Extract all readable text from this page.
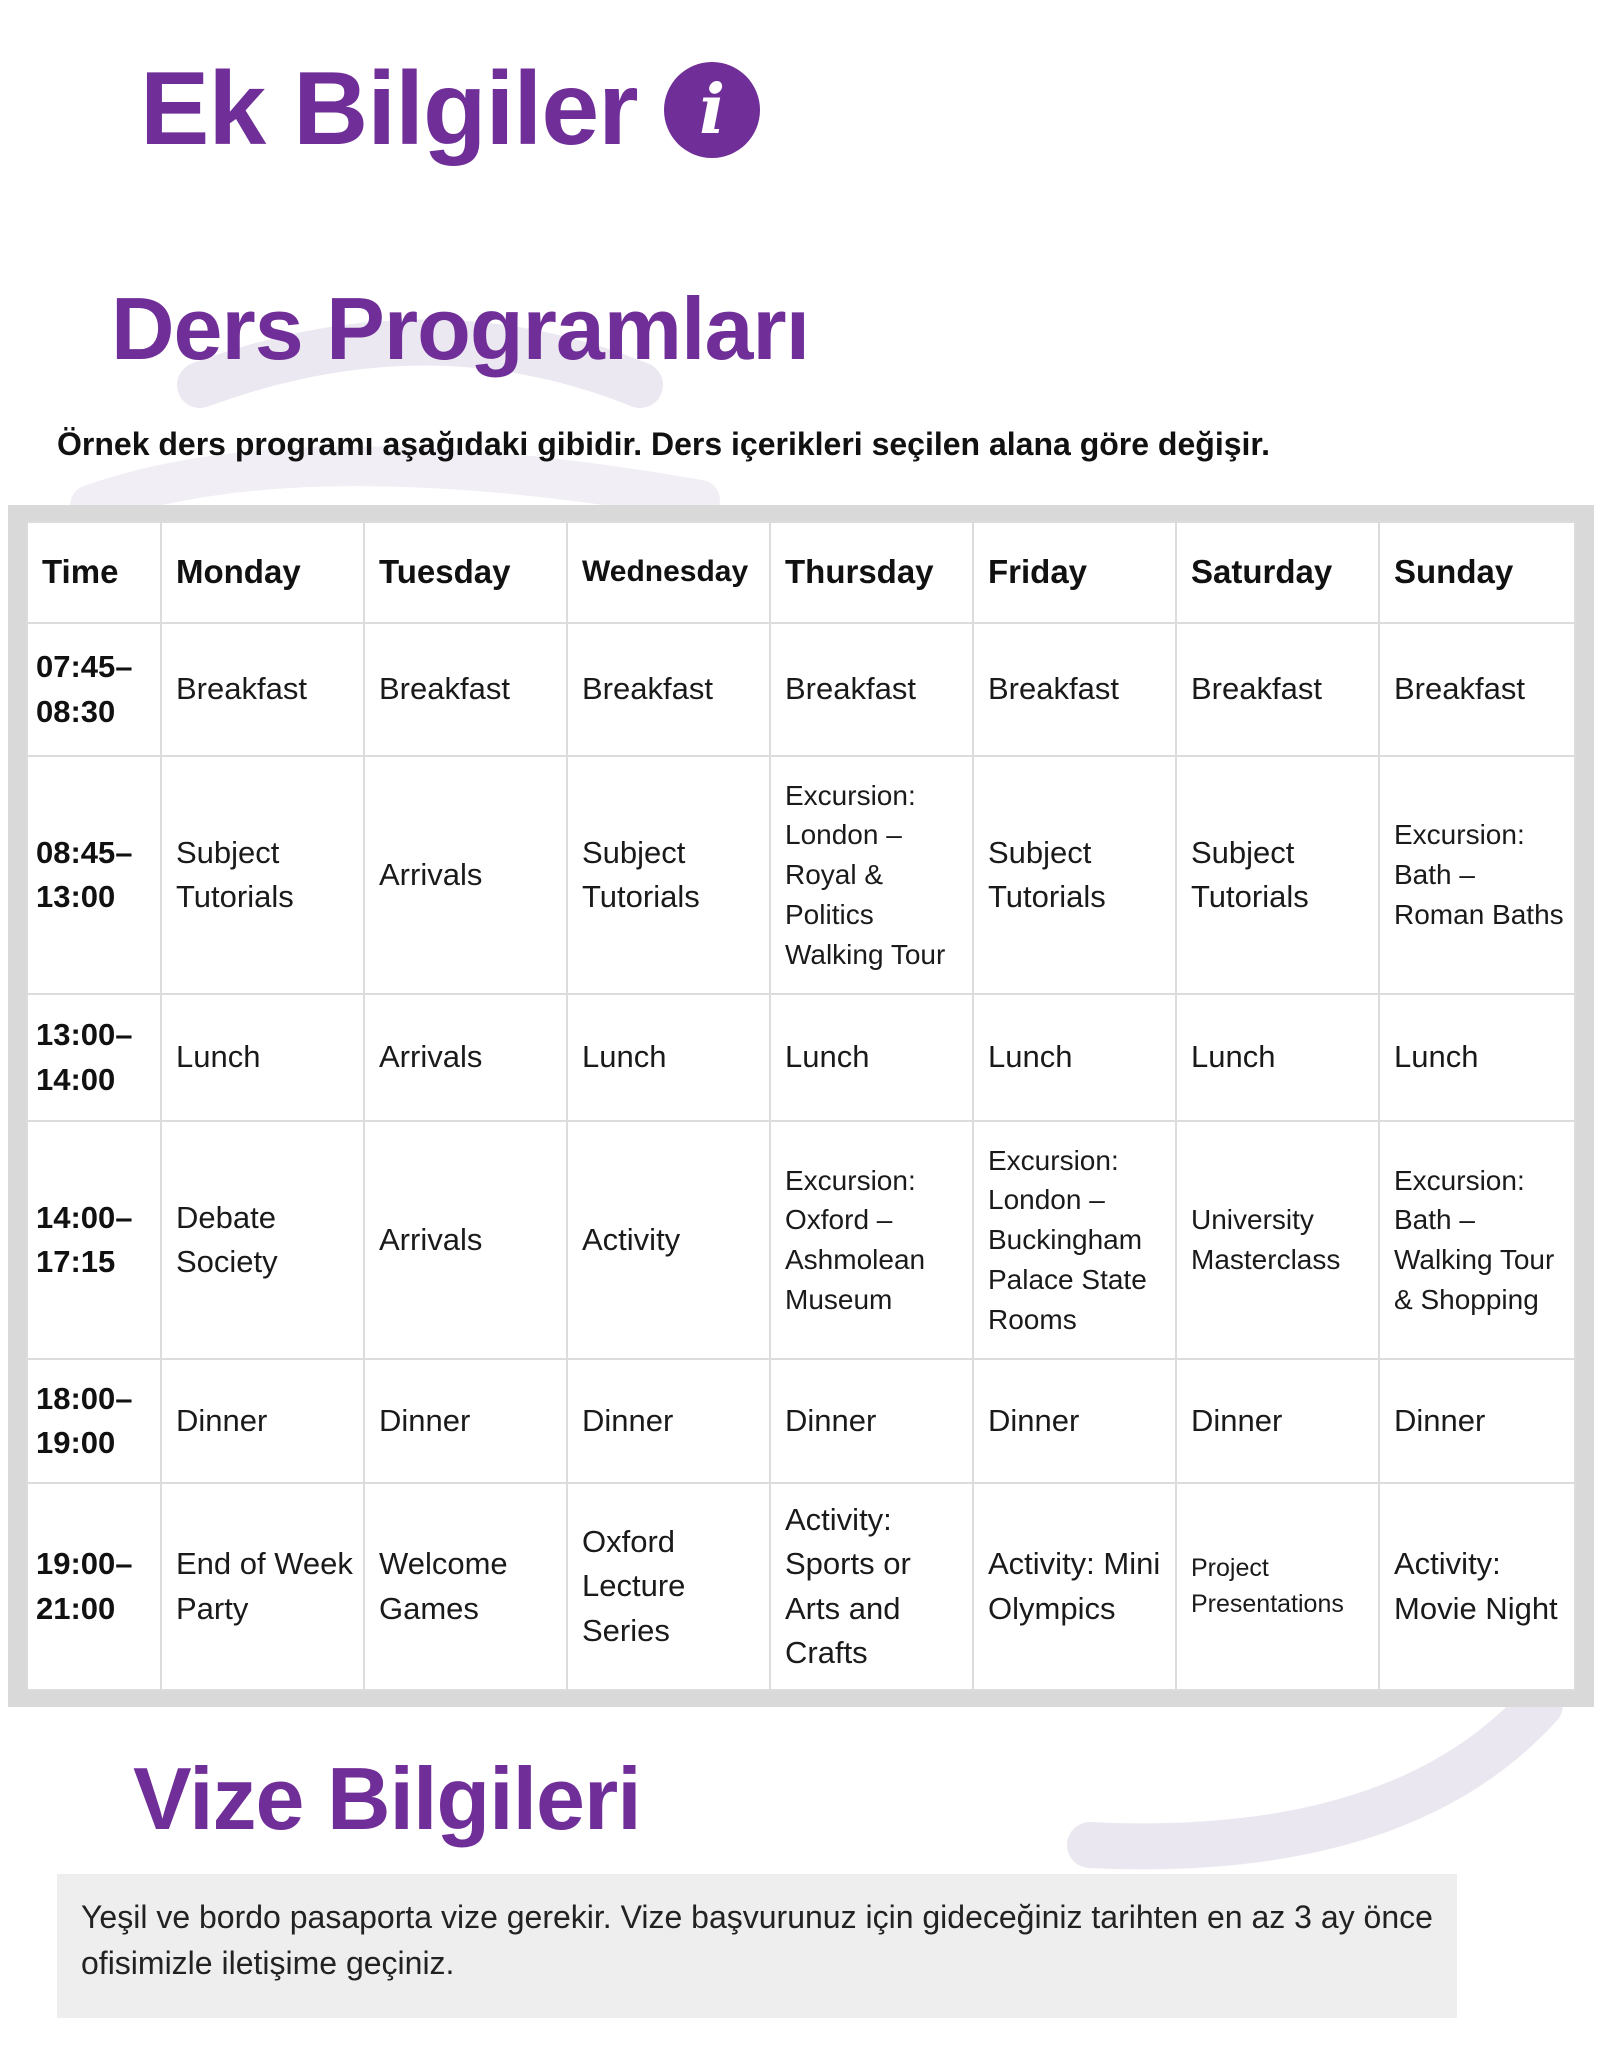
Ek Bilgiler i
Ders Programları

Örnek ders programı aşağıdaki gibidir. Ders içerikleri seçilen alana göre değişir.

Time	Monday	Tuesday	Wednesday	Thursday	Friday	Saturday	Sunday
07:45– 08:30	Breakfast	Breakfast	Breakfast	Breakfast	Breakfast	Breakfast	Breakfast
08:45– 13:00	Subject Tutorials	Arrivals	Subject Tutorials	Excursion: London – Royal & Politics Walking Tour	Subject Tutorials	Subject Tutorials	Excursion: Bath – Roman Baths
13:00– 14:00	Lunch	Arrivals	Lunch	Lunch	Lunch	Lunch	Lunch
14:00– 17:15	Debate Society	Arrivals	Activity	Excursion: Oxford – Ashmolean Museum	Excursion: London – Buckingham Palace State Rooms	University Masterclass	Excursion: Bath – Walking Tour & Shopping
18:00– 19:00	Dinner	Dinner	Dinner	Dinner	Dinner	Dinner	Dinner
19:00– 21:00	End of Week Party	Welcome Games	Oxford Lecture Series	Activity: Sports or Arts and Crafts	Activity: Mini Olympics	Project Presentations	Activity: Movie Night
Vize Bilgileri

Yeşil ve bordo pasaporta vize gerekir. Vize başvurunuz için gideceğiniz tarihten en az 3 ay önce ofisimizle iletişime geçiniz.
